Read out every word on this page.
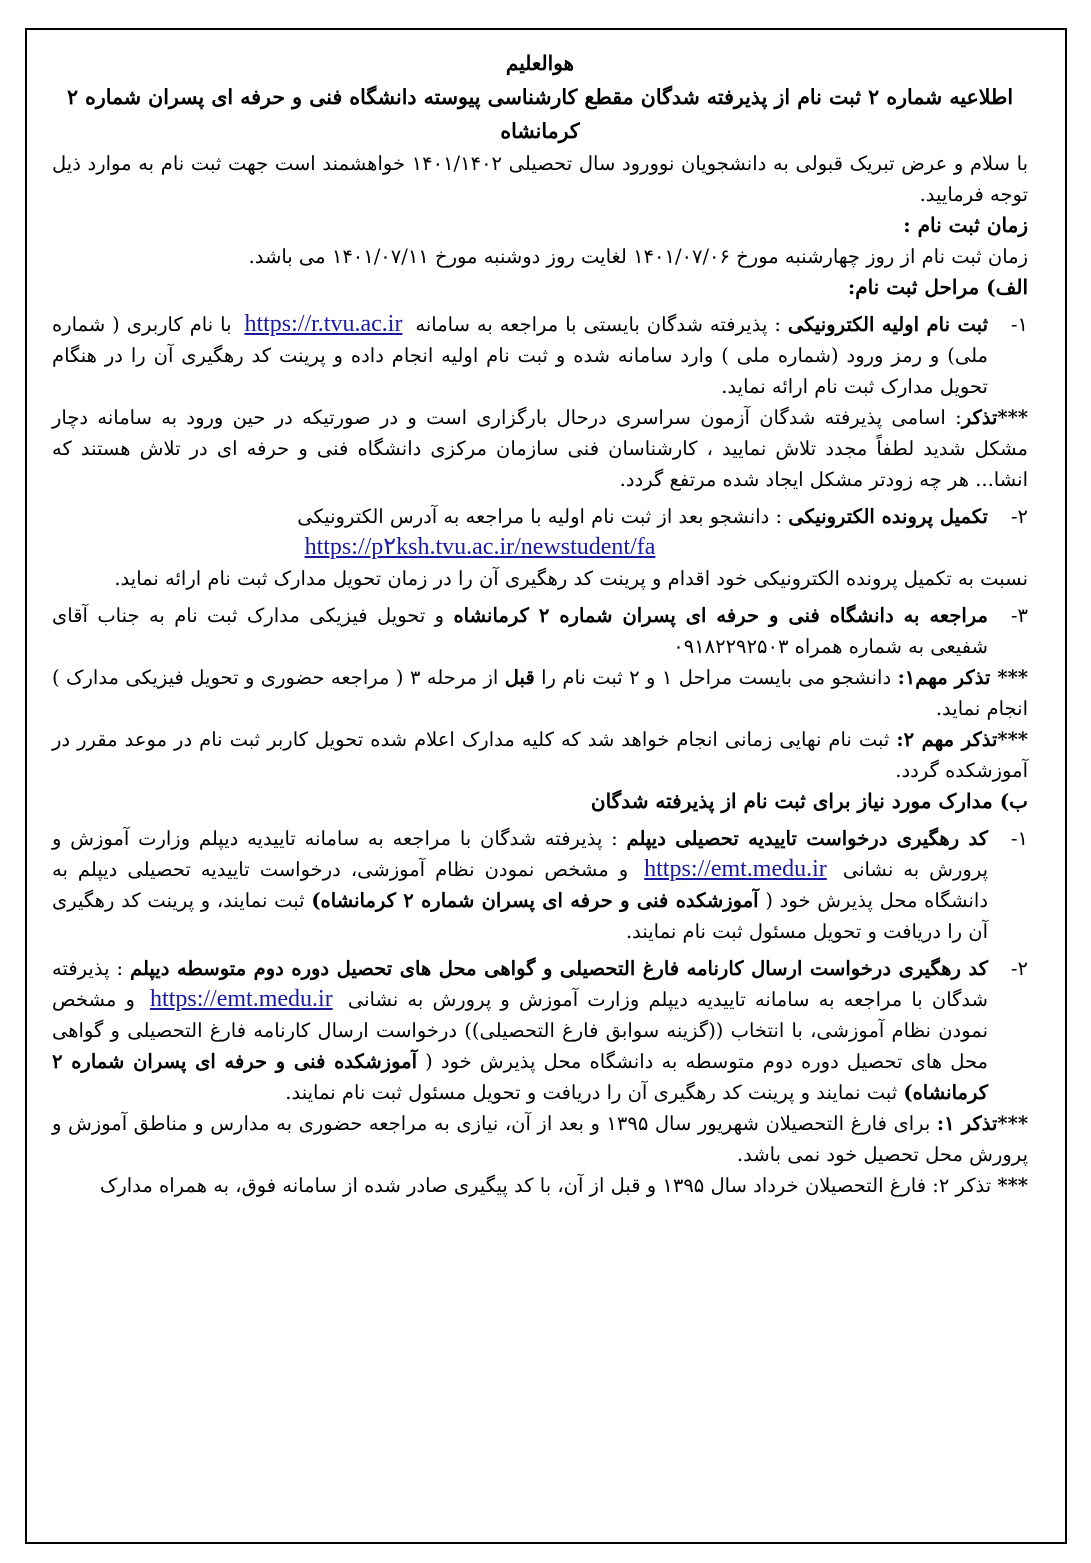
هوالعلیم

اطلاعیه شماره ۲ ثبت نام از پذیرفته شدگان مقطع کارشناسی پیوسته دانشگاه فنی و حرفه ای پسران شماره ۲ کرمانشاه

با سلام و عرض تبریک قبولی به دانشجویان نوورود سال تحصیلی ۱۴۰۱/۱۴۰۲ خواهشمند است جهت ثبت نام به موارد ذیل توجه فرمایید.

زمان ثبت نام :

زمان ثبت نام از روز چهارشنبه مورخ ۱۴۰۱/۰۷/۰۶ لغایت روز دوشنبه مورخ ۱۴۰۱/۰۷/۱۱ می باشد.

الف) مراحل ثبت نام:

۱-
ثبت نام اولیه الکترونیکی : پذیرفته شدگان بایستی با مراجعه به سامانه https://r.tvu.ac.ir با نام کاربری ( شماره ملی) و رمز ورود (شماره ملی ) وارد سامانه شده و ثبت نام اولیه انجام داده و پرینت کد رهگیری آن را در هنگام تحویل مدارک ثبت نام ارائه نماید.

***تذکر: اسامی پذیرفته شدگان آزمون سراسری درحال بارگزاری است و در صورتیکه در حین ورود به سامانه دچار مشکل شدید لطفاً مجدد تلاش نمایید ، کارشناسان فنی سازمان مرکزی دانشگاه فنی و حرفه ای در تلاش هستند که انشا... هر چه زودتر مشکل ایجاد شده مرتفع گردد.

۲-
تکمیل پرونده الکترونیکی : دانشجو بعد از ثبت نام اولیه با مراجعه به آدرس الکترونیکی

https://p۲ksh.tvu.ac.ir/newstudent/fa

نسبت به تکمیل پرونده الکترونیکی خود اقدام و پرینت کد رهگیری آن را در زمان تحویل مدارک ثبت نام ارائه نماید.

۳-
مراجعه به دانشگاه فنی و حرفه ای پسران شماره ۲ کرمانشاه و تحویل فیزیکی مدارک ثبت نام به جناب آقای شفیعی به شماره همراه ۰۹۱۸۲۲۹۲۵۰۳

*** تذکر مهم۱: دانشجو می بایست مراحل ۱ و ۲ ثبت نام را قبل از مرحله ۳ ( مراجعه حضوری و تحویل فیزیکی مدارک ) انجام نماید.

***تذکر مهم ۲: ثبت نام نهایی زمانی انجام خواهد شد که کلیه مدارک اعلام شده تحویل کاربر ثبت نام در موعد مقرر در آموزشکده گردد.

ب) مدارک مورد نیاز برای ثبت نام از پذیرفته شدگان

۱-
کد رهگیری درخواست تاییدیه تحصیلی دیپلم : پذیرفته شدگان با مراجعه به سامانه تاییدیه دیپلم وزارت آموزش و پرورش به نشانی https://emt.medu.ir و مشخص نمودن نظام آموزشی، درخواست تاییدیه تحصیلی دیپلم به دانشگاه محل پذیرش خود ( آموزشکده فنی و حرفه ای پسران شماره ۲ کرمانشاه) ثبت نمایند، و پرینت کد رهگیری آن را دریافت و تحویل مسئول ثبت نام نمایند.
۲-
کد رهگیری درخواست ارسال کارنامه فارغ التحصیلی و گواهی محل های تحصیل دوره دوم متوسطه دیپلم : پذیرفته شدگان با مراجعه به سامانه تاییدیه دیپلم وزارت آموزش و پرورش به نشانی https://emt.medu.ir و مشخص نمودن نظام آموزشی، با انتخاب ((گزینه سوابق فارغ التحصیلی)) درخواست ارسال کارنامه فارغ التحصیلی و گواهی محل های تحصیل دوره دوم متوسطه به دانشگاه محل پذیرش خود ( آموزشکده فنی و حرفه ای پسران شماره ۲ کرمانشاه) ثبت نمایند و پرینت کد رهگیری آن را دریافت و تحویل مسئول ثبت نام نمایند.

***تذکر ۱: برای فارغ التحصیلان شهریور سال ۱۳۹۵ و بعد از آن، نیازی به مراجعه حضوری به مدارس و مناطق آموزش و پرورش محل تحصیل خود نمی باشد.

*** تذکر ۲: فارغ التحصیلان خرداد سال ۱۳۹۵ و قبل از آن، با کد پیگیری صادر شده از سامانه فوق، به همراه مدارک
